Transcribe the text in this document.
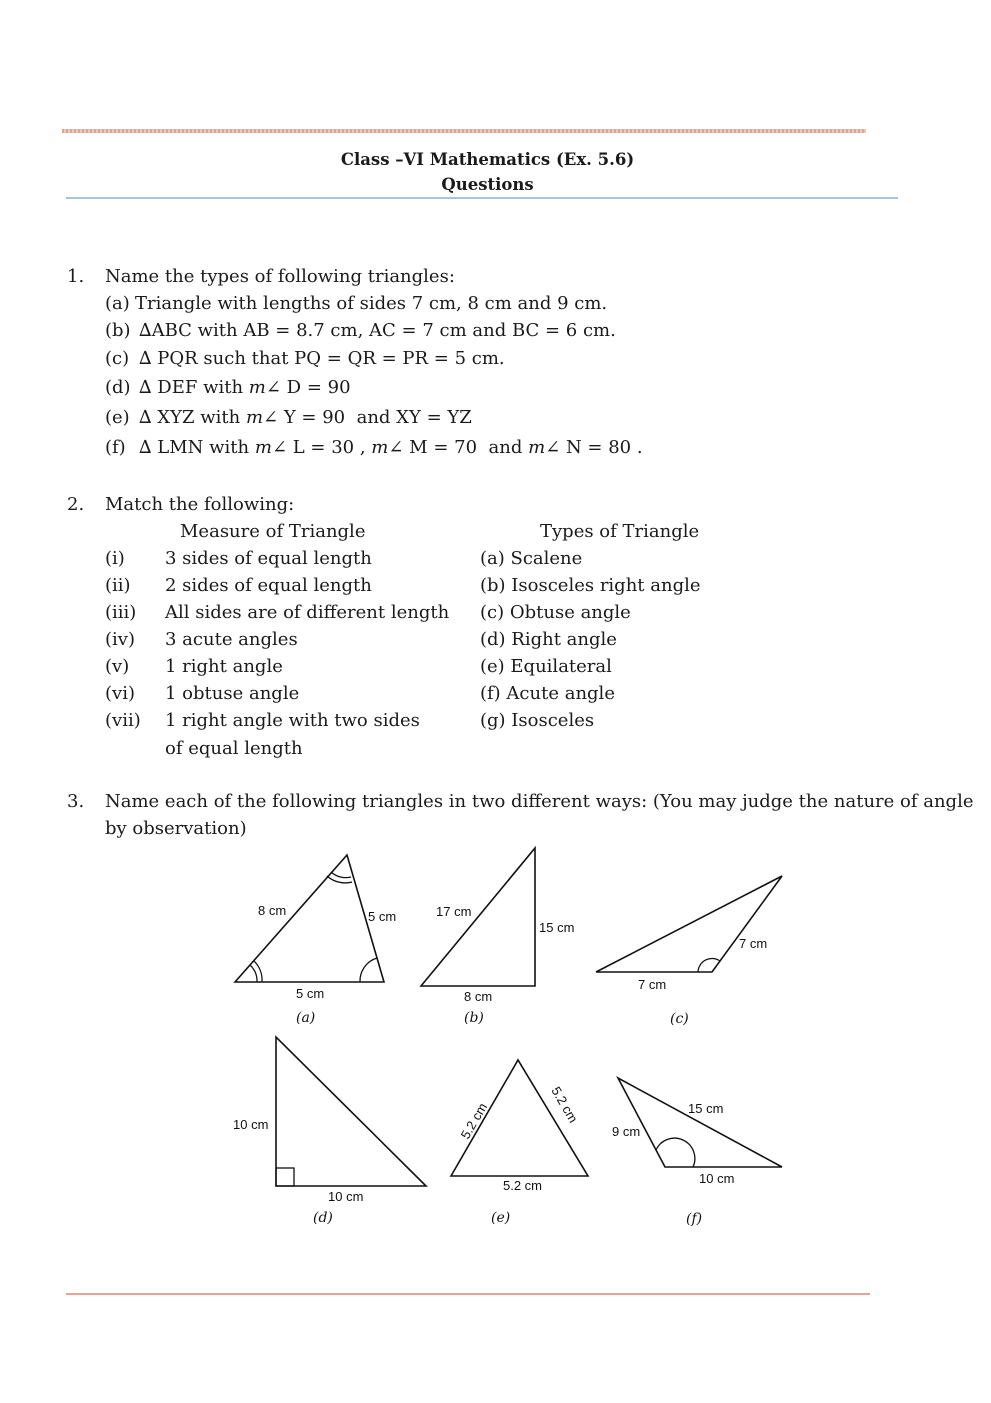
Class –VI Mathematics (Ex. 5.6)
Questions
1. Name the types of following triangles:
(a) Triangle with lengths of sides 7 cm, 8 cm and 9 cm.
(b) ∆ABC with AB = 8.7 cm, AC = 7 cm and BC = 6 cm.
(c) ∆ PQR such that PQ = QR = PR = 5 cm.
(d) ∆ DEF with m∠ D = 90
(e) ∆ XYZ with m∠ Y = 90  and XY = YZ
(f) ∆ LMN with m∠ L = 30 , m∠ M = 70  and m∠ N = 80 .
2. Match the following:
Measure of Triangle	Types of Triangle
(i) 3 sides of equal length	(a) Scalene
(ii) 2 sides of equal length	(b) Isosceles right angle
(iii) All sides are of different length (c) Obtuse angle
(iv) 3 acute angles	(d) Right angle
(v) 1 right angle	(e) Equilateral
(vi) 1 obtuse angle	(f) Acute angle
(vii) 1 right angle with two sides	(g) Isosceles
of equal length
3. Name each of the following triangles in two different ways: (You may judge the nature of angle
by observation)
8 cm	5 cm
5 cm
(a)
17 cm
15 cm
8 cm
(b)
7 cm
7 cm
(c)
10 cm
10 cm
(d)
5.2 cm	5.2 cm
5.2 cm
(e)
15 cm
9 cm
10 cm
(f)
